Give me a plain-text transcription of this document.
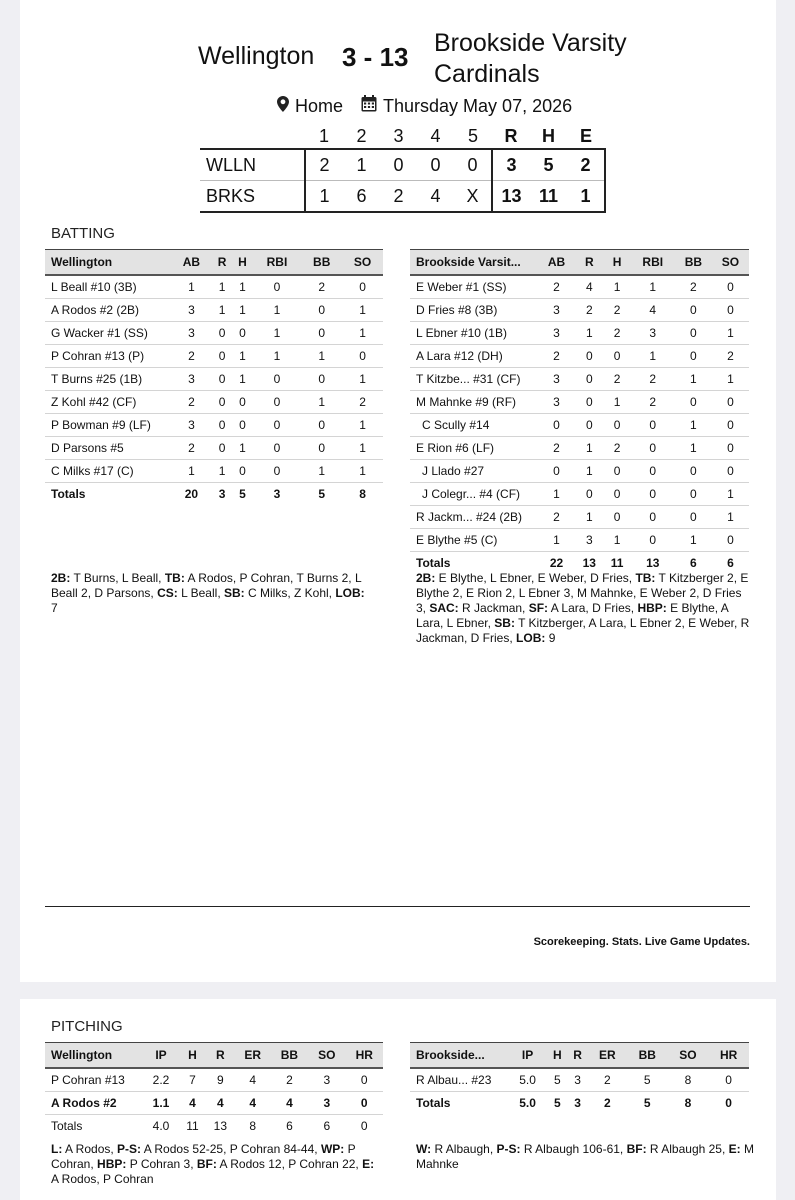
Wellington 3 - 13 Brookside Varsity Cardinals
Home Thursday May 07, 2026
	1	2	3	4	5	R	H	E
WLLN	2	1	0	0	0	3	5	2
BRKS	1	6	2	4	X	13	11	1
BATTING
Wellington	AB	R	H	RBI	BB	SO
L Beall #10 (3B)	1	1	1	0	2	0
A Rodos #2 (2B)	3	1	1	1	0	1
G Wacker #1 (SS)	3	0	0	1	0	1
P Cohran #13 (P)	2	0	1	1	1	0
T Burns #25 (1B)	3	0	1	0	0	1
Z Kohl #42 (CF)	2	0	0	0	1	2
P Bowman #9 (LF)	3	0	0	0	0	1
D Parsons #5	2	0	1	0	0	1
C Milks #17 (C)	1	1	0	0	1	1
Totals	20	3	5	3	5	8
Brookside Varsit...	AB	R	H	RBI	BB	SO
E Weber #1 (SS)	2	4	1	1	2	0
D Fries #8 (3B)	3	2	2	4	0	0
L Ebner #10 (1B)	3	1	2	3	0	1
A Lara #12 (DH)	2	0	0	1	0	2
T Kitzbe... #31 (CF)	3	0	2	2	1	1
M Mahnke #9 (RF)	3	0	1	2	0	0
C Scully #14	0	0	0	0	1	0
E Rion #6 (LF)	2	1	2	0	1	0
J Llado #27	0	1	0	0	0	0
J Colegr... #4 (CF)	1	0	0	0	0	1
R Jackm... #24 (2B)	2	1	0	0	0	1
E Blythe #5 (C)	1	3	1	0	1	0
Totals	22	13	11	13	6	6
2B: T Burns, L Beall, TB: A Rodos, P Cohran, T Burns 2, L Beall 2, D Parsons, CS: L Beall, SB: C Milks, Z Kohl, LOB: 7
2B: E Blythe, L Ebner, E Weber, D Fries, TB: T Kitzberger 2, E Blythe 2, E Rion 2, L Ebner 3, M Mahnke, E Weber 2, D Fries 3, SAC: R Jackman, SF: A Lara, D Fries, HBP: E Blythe, A Lara, L Ebner, SB: T Kitzberger, A Lara, L Ebner 2, E Weber, R Jackman, D Fries, LOB: 9
Scorekeeping. Stats. Live Game Updates.
PITCHING
Wellington	IP	H	R	ER	BB	SO	HR
P Cohran #13	2.2	7	9	4	2	3	0
A Rodos #2	1.1	4	4	4	4	3	0
Totals	4.0	11	13	8	6	6	0
Brookside...	IP	H	R	ER	BB	SO	HR
R Albau... #23	5.0	5	3	2	5	8	0
Totals	5.0	5	3	2	5	8	0
L: A Rodos, P-S: A Rodos 52-25, P Cohran 84-44, WP: P Cohran, HBP: P Cohran 3, BF: A Rodos 12, P Cohran 22, E: A Rodos, P Cohran
W: R Albaugh, P-S: R Albaugh 106-61, BF: R Albaugh 25, E: M Mahnke
